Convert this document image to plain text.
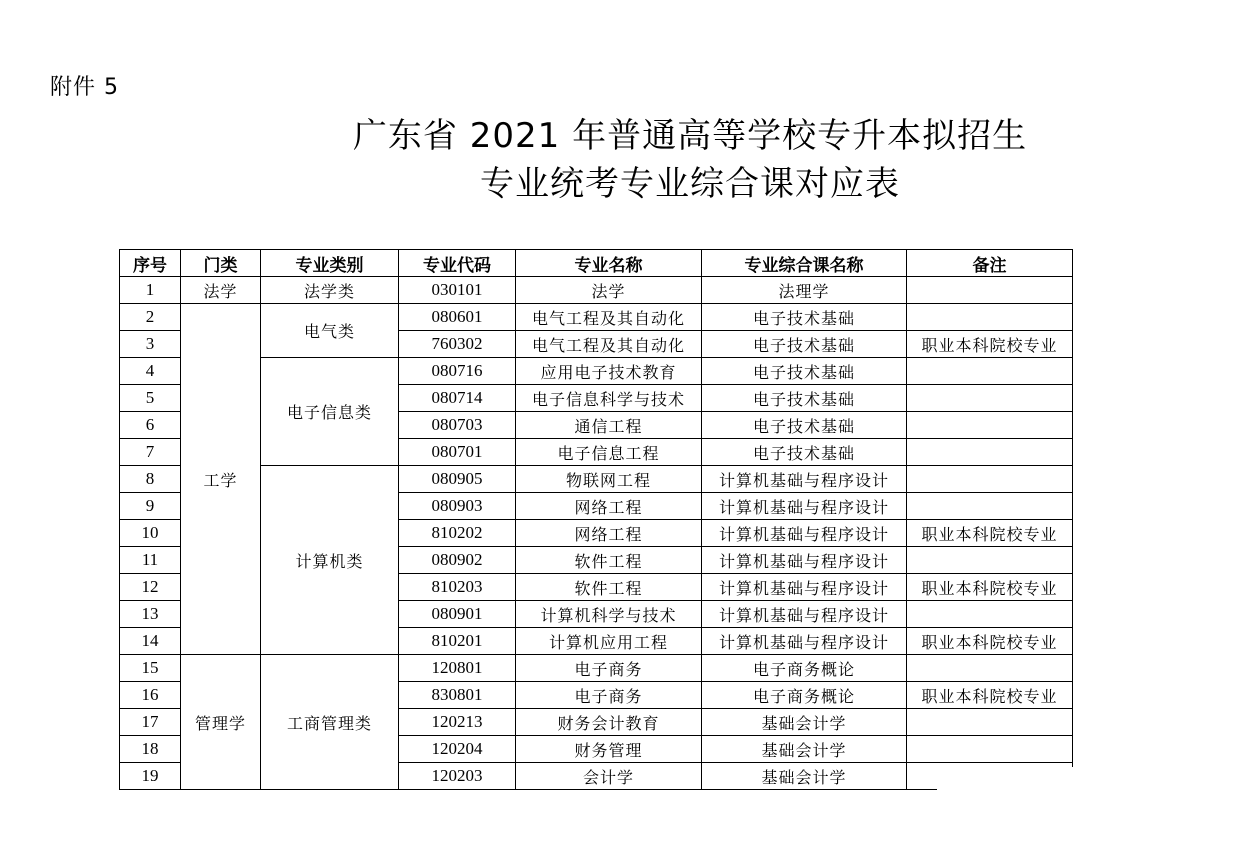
附件 5
广东省 2021 年普通高等学校专升本拟招生
专业统考专业综合课对应表
序号	门类	专业类别	专业代码	专业名称	专业综合课名称	备注
1	法学	法学类	030101	法学	法理学	
2	工学	电气类	080601	电气工程及其自动化	电子技术基础	
3			760302	电气工程及其自动化	电子技术基础	职业本科院校专业
4		电子信息类	080716	应用电子技术教育	电子技术基础	
5			080714	电子信息科学与技术	电子技术基础	
6			080703	通信工程	电子技术基础	
7			080701	电子信息工程	电子技术基础	
8		计算机类	080905	物联网工程	计算机基础与程序设计	
9			080903	网络工程	计算机基础与程序设计	
10			810202	网络工程	计算机基础与程序设计	职业本科院校专业
11			080902	软件工程	计算机基础与程序设计	
12			810203	软件工程	计算机基础与程序设计	职业本科院校专业
13			080901	计算机科学与技术	计算机基础与程序设计	
14			810201	计算机应用工程	计算机基础与程序设计	职业本科院校专业
15	管理学	工商管理类	120801	电子商务	电子商务概论	
16			830801	电子商务	电子商务概论	职业本科院校专业
17			120213	财务会计教育	基础会计学	
18			120204	财务管理	基础会计学	
19			120203	会计学	基础会计学	
